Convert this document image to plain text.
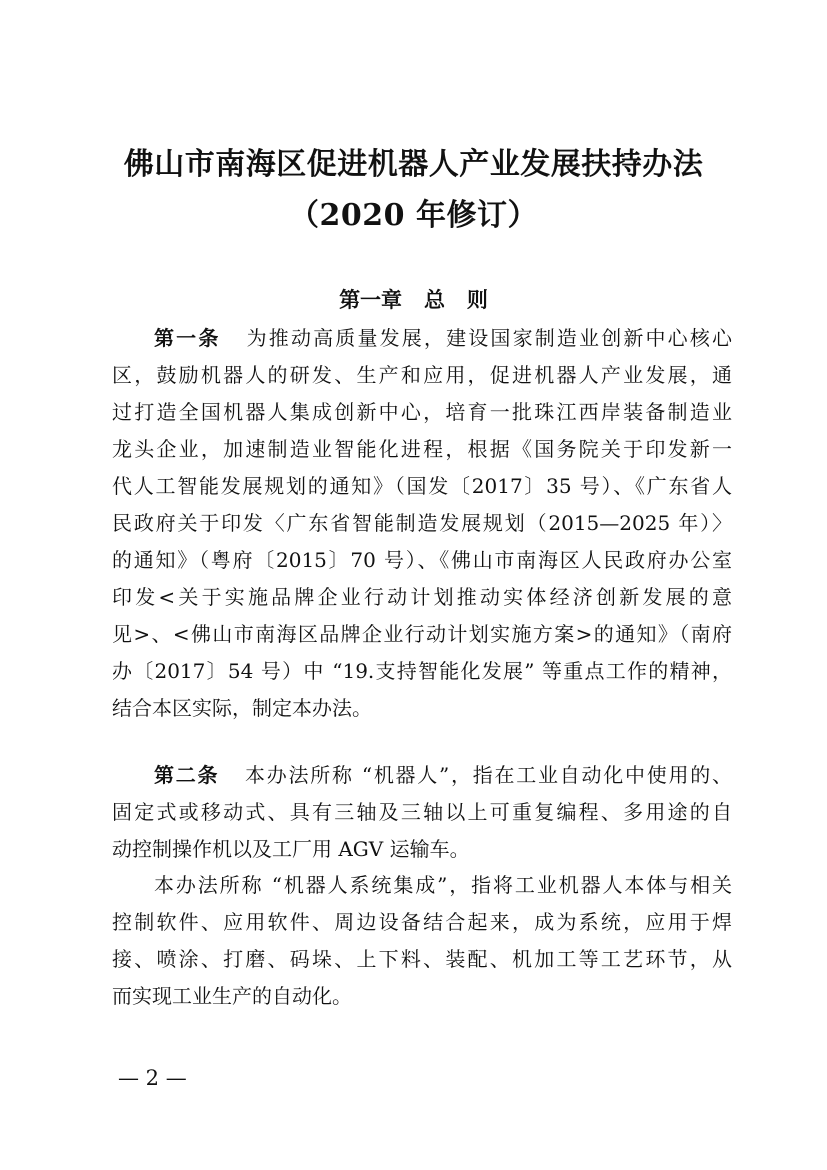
佛山市南海区促进机器人产业发展扶持办法
（2020 年修订）
第一章   总   则
第一条 为推动高质量发展，建设国家制造业创新中心核心
区，鼓励机器人的研发、生产和应用，促进机器人产业发展，通
过打造全国机器人集成创新中心，培育一批珠江西岸装备制造业
龙头企业，加速制造业智能化进程，根据《国务院关于印发新一
代人工智能发展规划的通知》（国发〔2017〕35 号）、《广东省人
民政府关于印发〈广东省智能制造发展规划（2015—2025 年）〉
的通知》（粤府〔2015〕70 号）、《佛山市南海区人民政府办公室
印发<关于实施品牌企业行动计划推动实体经济创新发展的意
见>、<佛山市南海区品牌企业行动计划实施方案>的通知》（南府
办〔2017〕54 号）中 “19.支持智能化发展” 等重点工作的精神，
结合本区实际，制定本办法。
第二条 本办法所称 “机器人”，指在工业自动化中使用的、
固定式或移动式、具有三轴及三轴以上可重复编程、多用途的自
动控制操作机以及工厂用 AGV 运输车。
本办法所称 “机器人系统集成”，指将工业机器人本体与相关
控制软件、应用软件、周边设备结合起来，成为系统，应用于焊
接、喷涂、打磨、码垛、上下料、装配、机加工等工艺环节，从
而实现工业生产的自动化。
— 2 —
